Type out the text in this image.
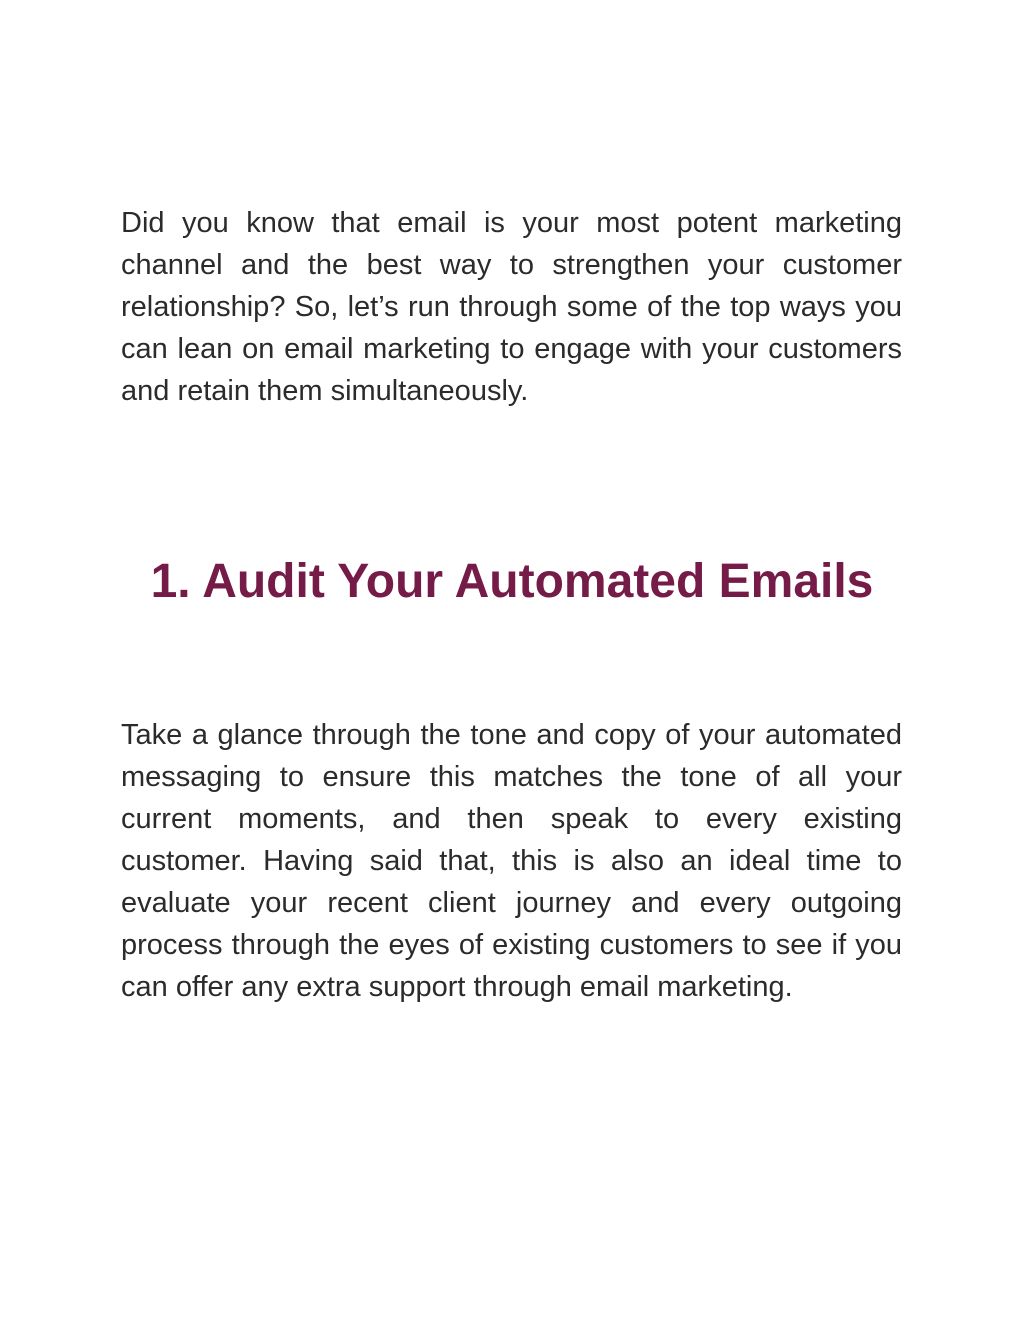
Did you know that email is your most potent marketing channel and the best way to strengthen your customer relationship? So, let’s run through some of the top ways you can lean on email marketing to engage with your customers and retain them simultaneously.

1. Audit Your Automated Emails

Take a glance through the tone and copy of your automated messaging to ensure this matches the tone of all your current moments, and then speak to every existing customer. Having said that, this is also an ideal time to evaluate your recent client journey and every outgoing process through the eyes of existing customers to see if you can offer any extra support through email marketing.
